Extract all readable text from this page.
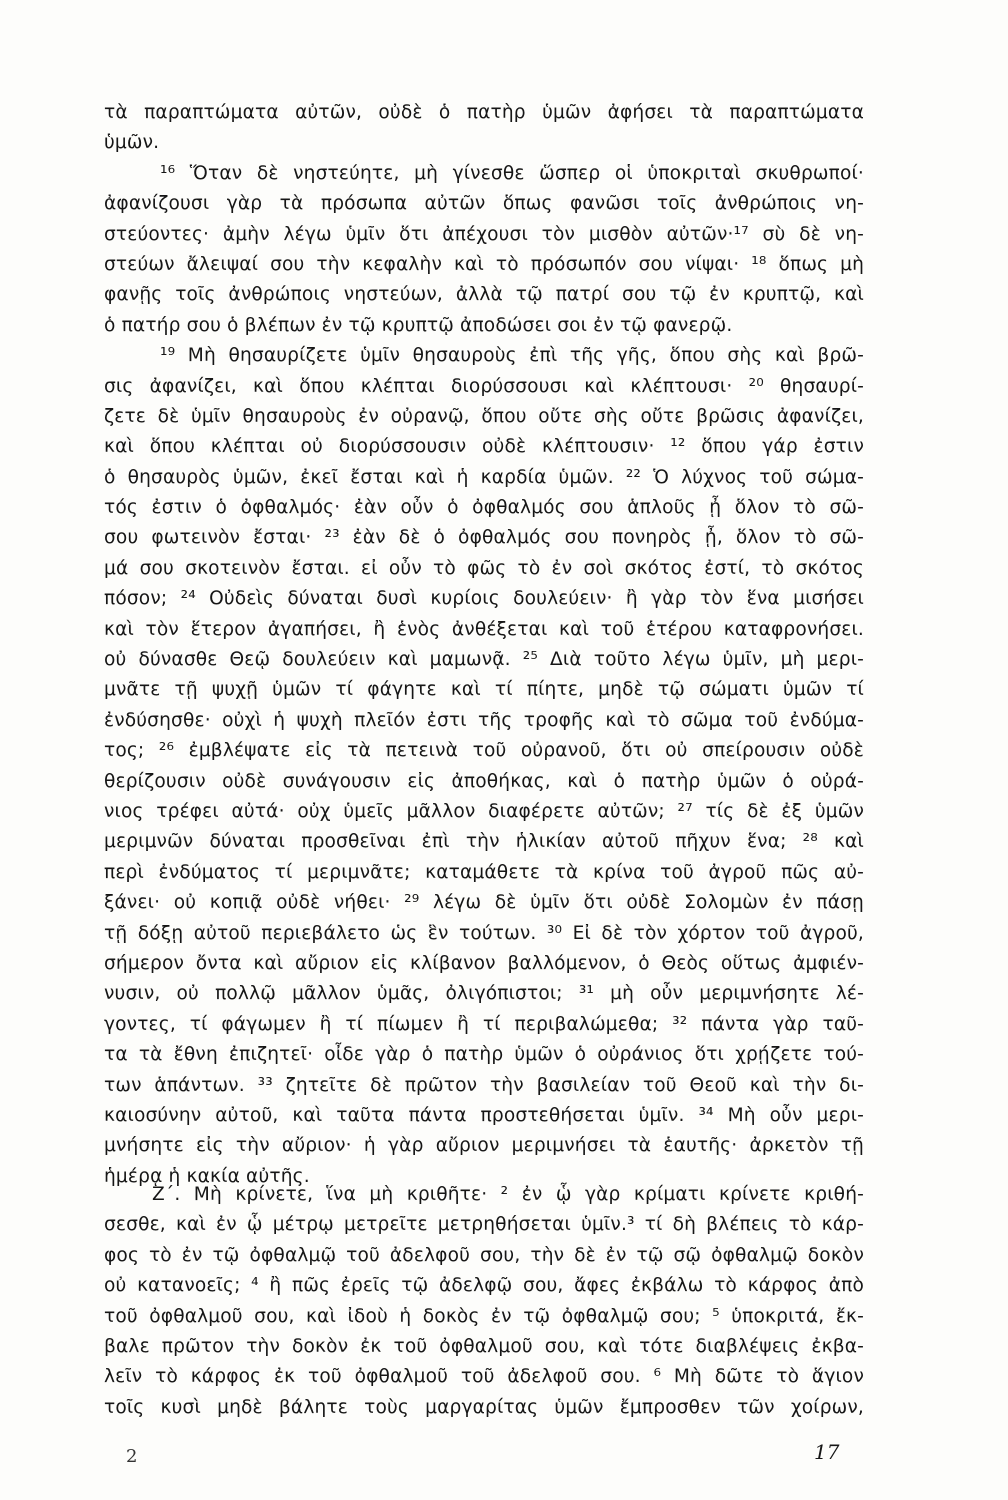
τὰ παραπτώματα αὐτῶν, οὐδὲ ὁ πατὴρ ὑμῶν ἀφήσει τὰ παραπτώματα
ὑμῶν.
¹⁶ Ὅταν δὲ νηστεύητε, μὴ γίνεσθε ὥσπερ οἱ ὑποκριταὶ σκυθρωποί·
ἀφανίζουσι γὰρ τὰ πρόσωπα αὐτῶν ὅπως φανῶσι τοῖς ἀνθρώποις νη-
στεύοντες· ἀμὴν λέγω ὑμῖν ὅτι ἀπέχουσι τὸν μισθὸν αὐτῶν·¹⁷ σὺ δὲ νη-
στεύων ἄλειψαί σου τὴν κεφαλὴν καὶ τὸ πρόσωπόν σου νίψαι· ¹⁸ ὅπως μὴ
φανῇς τοῖς ἀνθρώποις νηστεύων, ἀλλὰ τῷ πατρί σου τῷ ἐν κρυπτῷ, καὶ
ὁ πατήρ σου ὁ βλέπων ἐν τῷ κρυπτῷ ἀποδώσει σοι ἐν τῷ φανερῷ.
¹⁹ Μὴ θησαυρίζετε ὑμῖν θησαυροὺς ἐπὶ τῆς γῆς, ὅπου σὴς καὶ βρῶ-
σις ἀφανίζει, καὶ ὅπου κλέπται διορύσσουσι καὶ κλέπτουσι· ²⁰ θησαυρί-
ζετε δὲ ὑμῖν θησαυροὺς ἐν οὐρανῷ, ὅπου οὔτε σὴς οὔτε βρῶσις ἀφανίζει,
καὶ ὅπου κλέπται οὐ διορύσσουσιν οὐδὲ κλέπτουσιν· ¹² ὅπου γάρ ἐστιν
ὁ θησαυρὸς ὑμῶν, ἐκεῖ ἔσται καὶ ἡ καρδία ὑμῶν. ²² Ὁ λύχνος τοῦ σώμα-
τός ἐστιν ὁ ὀφθαλμός· ἐὰν οὖν ὁ ὀφθαλμός σου ἁπλοῦς ᾖ ὅλον τὸ σῶ-
σου φωτεινὸν ἔσται· ²³ ἐὰν δὲ ὁ ὀφθαλμός σου πονηρὸς ᾖ, ὅλον τὸ σῶ-
μά σου σκοτεινὸν ἔσται. εἰ οὖν τὸ φῶς τὸ ἐν σοὶ σκότος ἐστί, τὸ σκότος
πόσον; ²⁴ Οὐδεὶς δύναται δυσὶ κυρίοις δουλεύειν· ἢ γὰρ τὸν ἕνα μισήσει
καὶ τὸν ἕτερον ἀγαπήσει, ἢ ἑνὸς ἀνθέξεται καὶ τοῦ ἑτέρου καταφρονήσει.
οὐ δύνασθε Θεῷ δουλεύειν καὶ μαμωνᾷ. ²⁵ Διὰ τοῦτο λέγω ὑμῖν, μὴ μερι-
μνᾶτε τῇ ψυχῇ ὑμῶν τί φάγητε καὶ τί πίητε, μηδὲ τῷ σώματι ὑμῶν τί
ἐνδύσησθε· οὐχὶ ἡ ψυχὴ πλεῖόν ἐστι τῆς τροφῆς καὶ τὸ σῶμα τοῦ ἐνδύμα-
τος; ²⁶ ἐμβλέψατε εἰς τὰ πετεινὰ τοῦ οὐρανοῦ, ὅτι οὐ σπείρουσιν οὐδὲ
θερίζουσιν οὐδὲ συνάγουσιν εἰς ἀποθήκας, καὶ ὁ πατὴρ ὑμῶν ὁ οὐρά-
νιος τρέφει αὐτά· οὐχ ὑμεῖς μᾶλλον διαφέρετε αὐτῶν; ²⁷ τίς δὲ ἐξ ὑμῶν
μεριμνῶν δύναται προσθεῖναι ἐπὶ τὴν ἡλικίαν αὐτοῦ πῆχυν ἕνα; ²⁸ καὶ
περὶ ἐνδύματος τί μεριμνᾶτε; καταμάθετε τὰ κρίνα τοῦ ἀγροῦ πῶς αὐ-
ξάνει· οὐ κοπιᾷ οὐδὲ νήθει· ²⁹ λέγω δὲ ὑμῖν ὅτι οὐδὲ Σολομὼν ἐν πάσῃ
τῇ δόξῃ αὐτοῦ περιεβάλετο ὡς ἓν τούτων. ³⁰ Εἰ δὲ τὸν χόρτον τοῦ ἀγροῦ,
σήμερον ὄντα καὶ αὔριον εἰς κλίβανον βαλλόμενον, ὁ Θεὸς οὕτως ἀμφιέν-
νυσιν, οὐ πολλῷ μᾶλλον ὑμᾶς, ὀλιγόπιστοι; ³¹ μὴ οὖν μεριμνήσητε λέ-
γοντες, τί φάγωμεν ἢ τί πίωμεν ἢ τί περιβαλώμεθα; ³² πάντα γὰρ ταῦ-
τα τὰ ἔθνη ἐπιζητεῖ· οἶδε γὰρ ὁ πατὴρ ὑμῶν ὁ οὐράνιος ὅτι χρῄζετε τού-
των ἁπάντων. ³³ ζητεῖτε δὲ πρῶτον τὴν βασιλείαν τοῦ Θεοῦ καὶ τὴν δι-
καιοσύνην αὐτοῦ, καὶ ταῦτα πάντα προστεθήσεται ὑμῖν. ³⁴ Μὴ οὖν μερι-
μνήσητε εἰς τὴν αὔριον· ἡ γὰρ αὔριον μεριμνήσει τὰ ἑαυτῆς· ἀρκετὸν τῇ
ἡμέρᾳ ἡ κακία αὐτῆς.
Ζ΄. Μὴ κρίνετε, ἵνα μὴ κριθῆτε· ² ἐν ᾧ γὰρ κρίματι κρίνετε κριθή-
σεσθε, καὶ ἐν ᾧ μέτρῳ μετρεῖτε μετρηθήσεται ὑμῖν.³ τί δὴ βλέπεις τὸ κάρ-
φος τὸ ἐν τῷ ὀφθαλμῷ τοῦ ἀδελφοῦ σου, τὴν δὲ ἐν τῷ σῷ ὀφθαλμῷ δοκὸν
οὐ κατανοεῖς; ⁴ ἢ πῶς ἐρεῖς τῷ ἀδελφῷ σου, ἄφες ἐκβάλω τὸ κάρφος ἀπὸ
τοῦ ὀφθαλμοῦ σου, καὶ ἰδοὺ ἡ δοκὸς ἐν τῷ ὀφθαλμῷ σου; ⁵ ὑποκριτά, ἔκ-
βαλε πρῶτον τὴν δοκὸν ἐκ τοῦ ὀφθαλμοῦ σου, καὶ τότε διαβλέψεις ἐκβα-
λεῖν τὸ κάρφος ἐκ τοῦ ὀφθαλμοῦ τοῦ ἀδελφοῦ σου. ⁶ Μὴ δῶτε τὸ ἅγιον
τοῖς κυσὶ μηδὲ βάλητε τοὺς μαργαρίτας ὑμῶν ἔμπροσθεν τῶν χοίρων,
2	17
